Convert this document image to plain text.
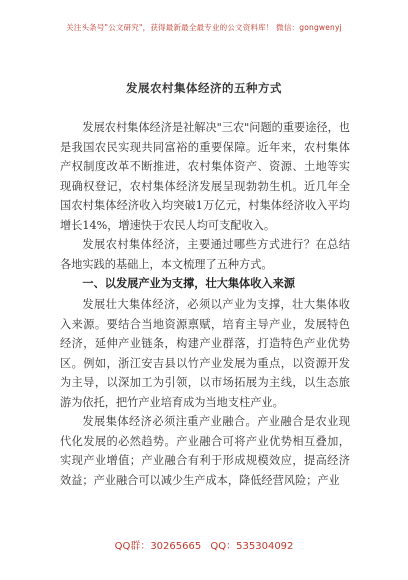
关注头条号"公文研究"，获得最新最全最专业的公文资料库！ 微信：gongwenyj
发展农村集体经济的五种方式

发展农村集体经济是社解决"三农"问题的重要途径，也是我国农民实现共同富裕的重要保障。近年来，农村集体产权制度改革不断推进，农村集体资产、资源、土地等实现确权登记，农村集体经济发展呈现勃勃生机。近几年全国农村集体经济收入均突破1万亿元，村集体经济收入平均增长14%，增速快于农民人均可支配收入。

发展农村集体经济，主要通过哪些方式进行？在总结各地实践的基础上，本文梳理了五种方式。

一、以发展产业为支撑，壮大集体收入来源

发展壮大集体经济，必须以产业为支撑，壮大集体收入来源。要结合当地资源禀赋，培育主导产业，发展特色经济，延伸产业链条，构建产业群落，打造特色产业优势区。例如，浙江安吉县以竹产业发展为重点，以资源开发为主导，以深加工为引领，以市场拓展为主线，以生态旅游为依托，把竹产业培育成为当地支柱产业。

发展集体经济必须注重产业融合。产业融合是农业现代化发展的必然趋势。产业融合可将产业优势相互叠加，实现产业增值；产业融合有利于形成规模效应，提高经济效益；产业融合可以减少生产成本，降低经营风险；产业

QQ群：30265665 QQ：535304092
